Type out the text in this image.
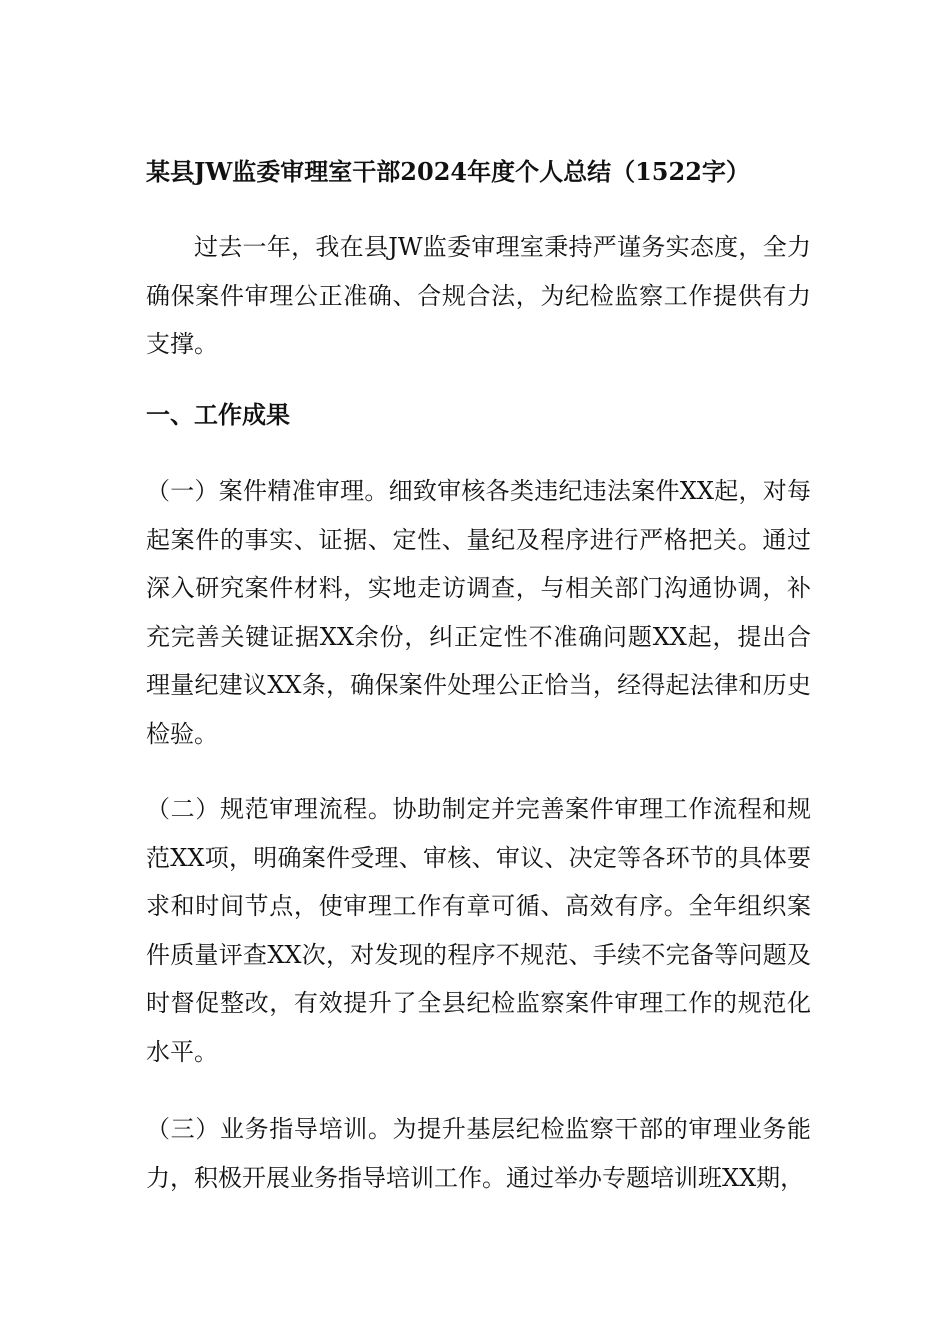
某县JW监委审理室干部2024年度个人总结（1522字）

过去一年，我在县JW监委审理室秉持严谨务实态度，全力确保案件审理公正准确、合规合法，为纪检监察工作提供有力支撑。

一、工作成果

（一）案件精准审理。细致审核各类违纪违法案件XX起，对每起案件的事实、证据、定性、量纪及程序进行严格把关。通过深入研究案件材料，实地走访调查，与相关部门沟通协调，补充完善关键证据XX余份，纠正定性不准确问题XX起，提出合理量纪建议XX条，确保案件处理公正恰当，经得起法律和历史检验。

（二）规范审理流程。协助制定并完善案件审理工作流程和规范XX项，明确案件受理、审核、审议、决定等各环节的具体要求和时间节点，使审理工作有章可循、高效有序。全年组织案件质量评查XX次，对发现的程序不规范、手续不完备等问题及时督促整改，有效提升了全县纪检监察案件审理工作的规范化水平。

（三）业务指导培训。为提升基层纪检监察干部的审理业务能力，积极开展业务指导培训工作。通过举办专题培训班XX期，
